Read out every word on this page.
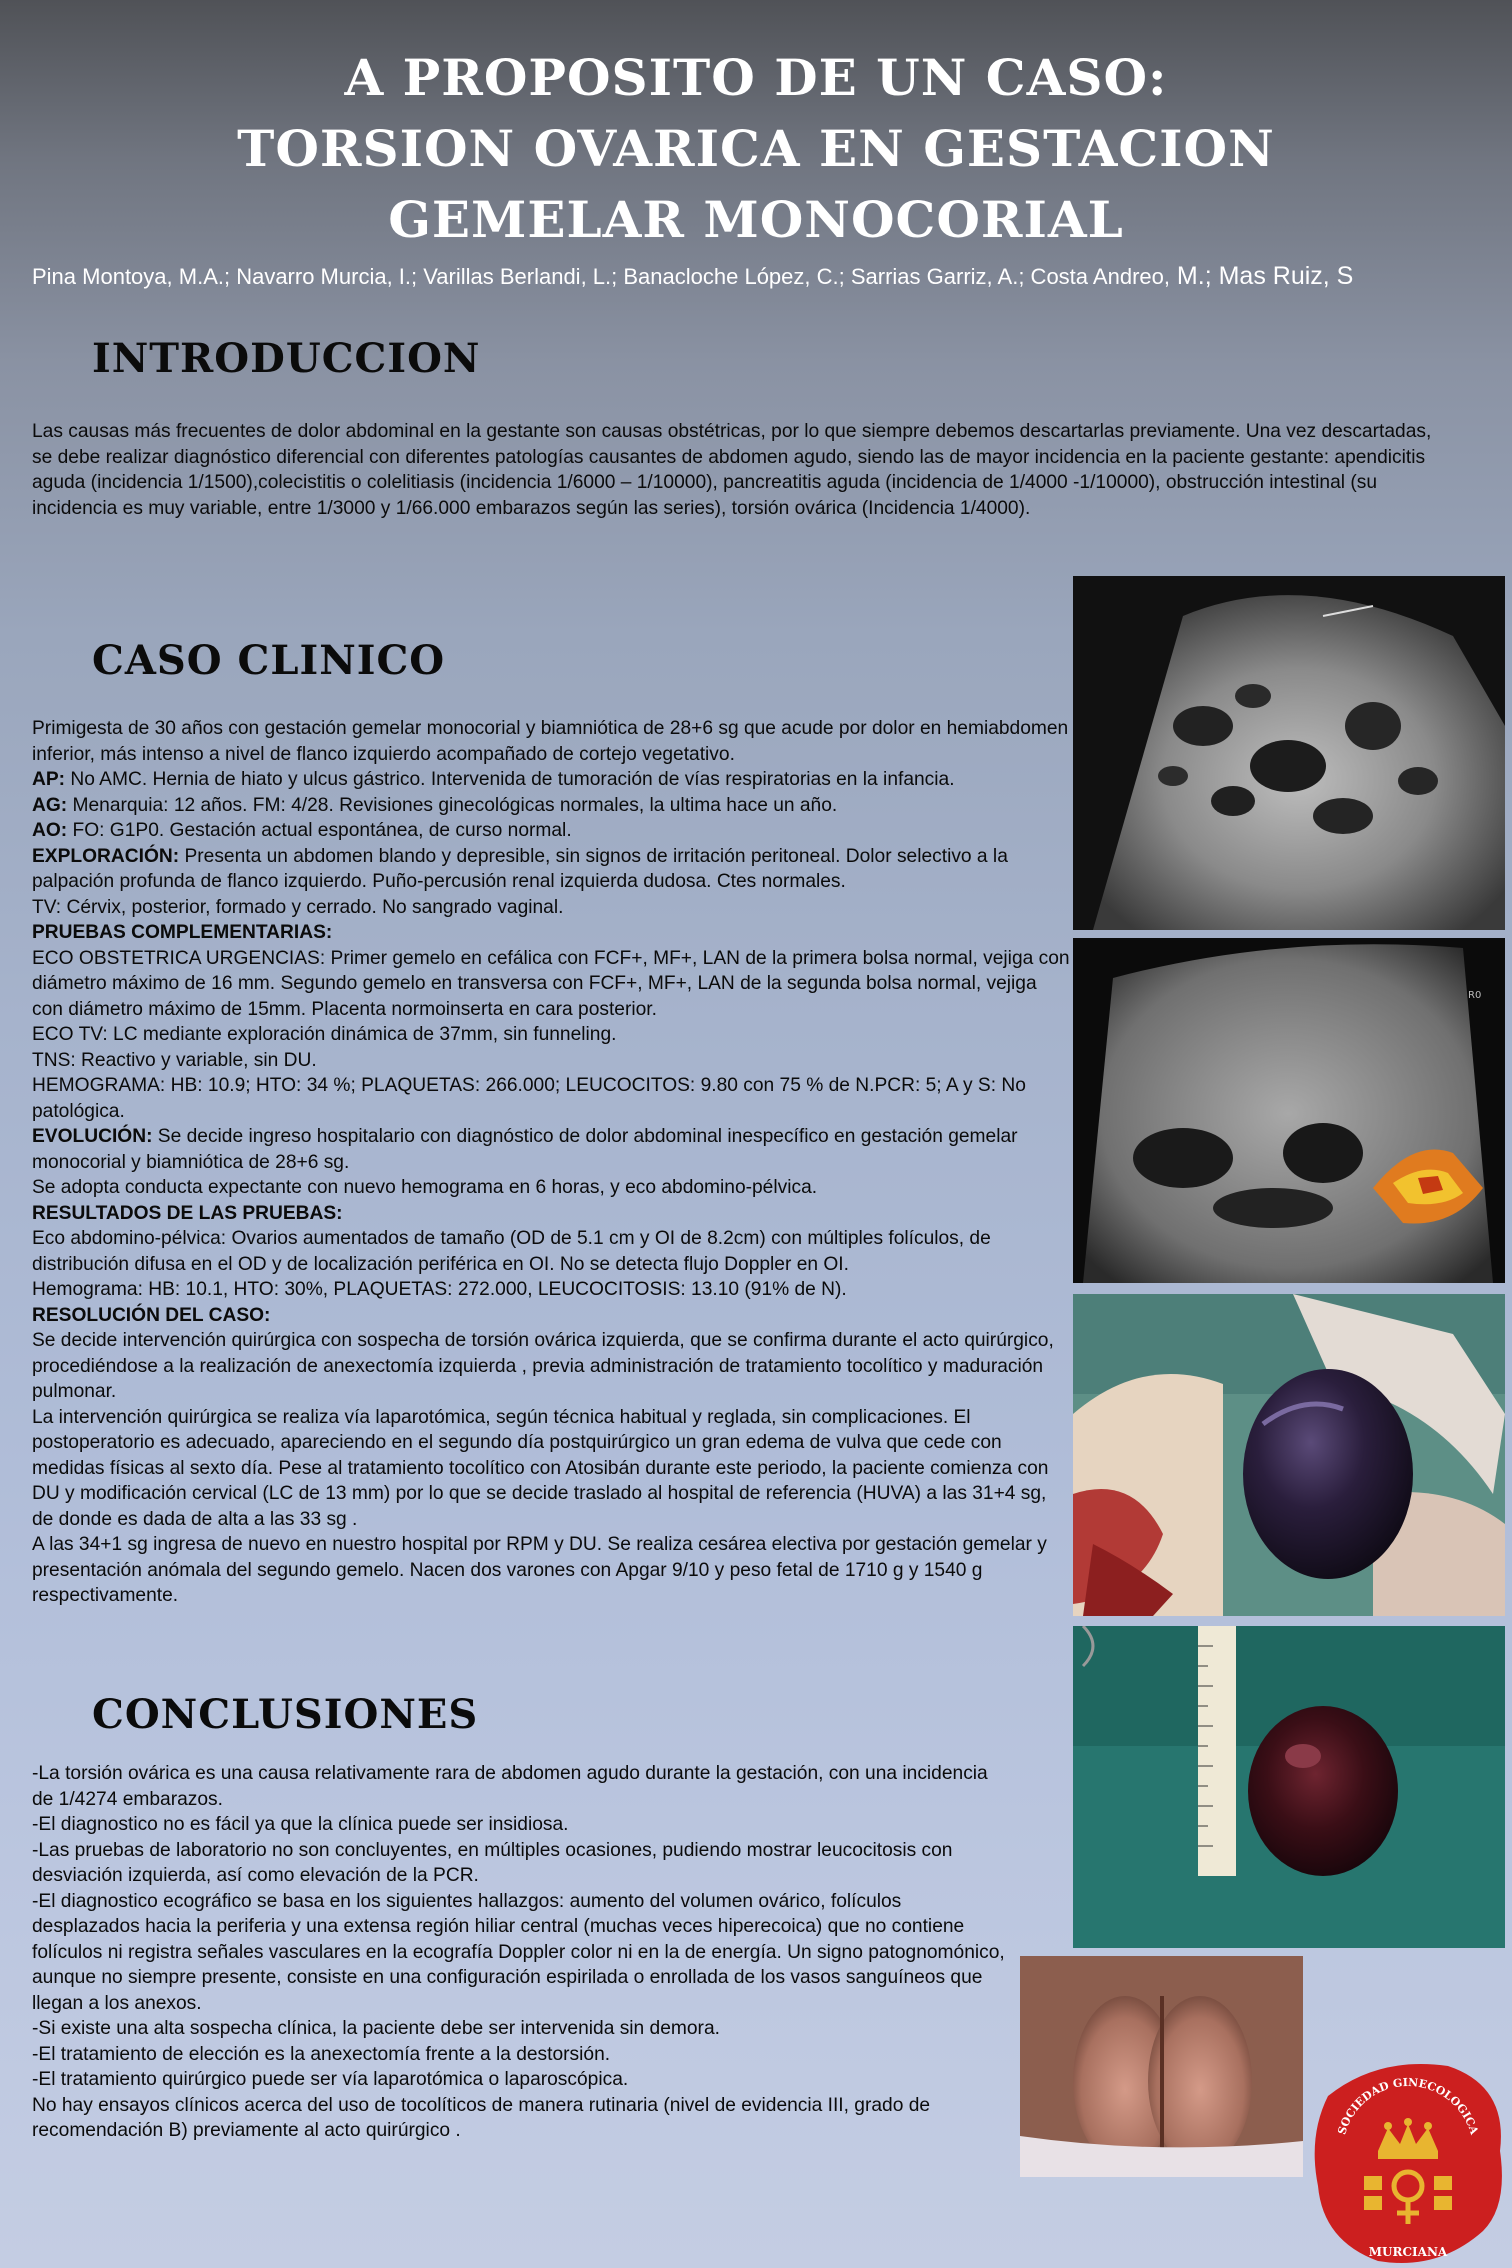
A PROPOSITO DE UN CASO:
TORSION OVARICA EN GESTACION
GEMELAR MONOCORIAL
Pina Montoya, M.A.; Navarro Murcia, I.; Varillas Berlandi, L.; Banacloche López, C.; Sarrias Garriz, A.; Costa Andreo, M.; Mas Ruiz, S
INTRODUCCION

Las causas más frecuentes de dolor abdominal en la gestante son causas obstétricas, por lo que siempre debemos descartarlas previamente. Una vez descartadas, se debe realizar diagnóstico diferencial con diferentes patologías causantes de abdomen agudo, siendo las de mayor incidencia en la paciente gestante: apendicitis aguda (incidencia 1/1500),colecistitis o colelitiasis (incidencia 1/6000 – 1/10000), pancreatitis aguda (incidencia de 1/4000 -1/10000), obstrucción intestinal (su incidencia es muy variable, entre 1/3000 y 1/66.000 embarazos según las series), torsión ovárica (Incidencia 1/4000).

CASO CLINICO

Primigesta de 30 años con gestación gemelar monocorial y biamniótica de 28+6 sg que acude por dolor en hemiabdomen inferior, más intenso a nivel de flanco izquierdo acompañado de cortejo vegetativo.

AP: No AMC. Hernia de hiato y ulcus gástrico. Intervenida de tumoración de vías respiratorias en la infancia.

AG: Menarquia: 12 años. FM: 4/28. Revisiones ginecológicas normales, la ultima hace un año.

AO: FO: G1P0. Gestación actual espontánea, de curso normal.

EXPLORACIÓN: Presenta un abdomen blando y depresible, sin signos de irritación peritoneal. Dolor selectivo a la palpación profunda de flanco izquierdo. Puño-percusión renal izquierda dudosa. Ctes normales.

TV: Cérvix, posterior, formado y cerrado. No sangrado vaginal.

PRUEBAS COMPLEMENTARIAS:

ECO OBSTETRICA URGENCIAS: Primer gemelo en cefálica con FCF+, MF+, LAN de la primera bolsa normal, vejiga con diámetro máximo de 16 mm. Segundo gemelo en transversa con FCF+, MF+, LAN de la segunda bolsa normal, vejiga con diámetro máximo de 15mm. Placenta normoinserta en cara posterior.

ECO TV: LC mediante exploración dinámica de 37mm, sin funneling.

TNS: Reactivo y variable, sin DU.

HEMOGRAMA: HB: 10.9; HTO: 34 %; PLAQUETAS: 266.000; LEUCOCITOS: 9.80 con 75 % de N.PCR: 5; A y S: No patológica.

EVOLUCIÓN: Se decide ingreso hospitalario con diagnóstico de dolor abdominal inespecífico en gestación gemelar monocorial y biamniótica de 28+6 sg.

Se adopta conducta expectante con nuevo hemograma en 6 horas, y eco abdomino-pélvica.

RESULTADOS DE LAS PRUEBAS:

Eco abdomino-pélvica: Ovarios aumentados de tamaño (OD de 5.1 cm y OI de 8.2cm) con múltiples folículos, de distribución difusa en el OD y de localización periférica en OI. No se detecta flujo Doppler en OI.

Hemograma: HB: 10.1, HTO: 30%, PLAQUETAS: 272.000, LEUCOCITOSIS: 13.10 (91% de N).

RESOLUCIÓN DEL CASO:

Se decide intervención quirúrgica con sospecha de torsión ovárica izquierda, que se confirma durante el acto quirúrgico, procediéndose a la realización de anexectomía izquierda , previa administración de tratamiento tocolítico y maduración pulmonar.

La intervención quirúrgica se realiza vía laparotómica, según técnica habitual y reglada, sin complicaciones. El postoperatorio es adecuado, apareciendo en el segundo día postquirúrgico un gran edema de vulva que cede con medidas físicas al sexto día. Pese al tratamiento tocolítico con Atosibán durante este periodo, la paciente comienza con DU y modificación cervical (LC de 13 mm) por lo que se decide traslado al hospital de referencia (HUVA) a las 31+4 sg, de donde es dada de alta a las 33 sg .

A las 34+1 sg ingresa de nuevo en nuestro hospital por RPM y DU. Se realiza cesárea electiva por gestación gemelar y presentación anómala del segundo gemelo. Nacen dos varones con Apgar 9/10 y peso fetal de 1710 g y 1540 g respectivamente.

CONCLUSIONES

-La torsión ovárica es una causa relativamente rara de abdomen agudo durante la gestación, con una incidencia de 1/4274 embarazos.

-El diagnostico no es fácil ya que la clínica puede ser insidiosa.

-Las pruebas de laboratorio no son concluyentes, en múltiples ocasiones, pudiendo mostrar leucocitosis con desviación izquierda, así como elevación de la PCR.

-El diagnostico ecográfico se basa en los siguientes hallazgos: aumento del volumen ovárico, folículos desplazados hacia la periferia y una extensa región hiliar central (muchas veces hiperecoica) que no contiene folículos ni registra señales vasculares en la ecografía Doppler color ni en la de energía. Un signo patognomónico, aunque no siempre presente, consiste en una configuración espirilada o enrollada de los vasos sanguíneos que llegan a los anexos.

-Si existe una alta sospecha clínica, la paciente debe ser intervenida sin demora.

-El tratamiento de elección es la anexectomía frente a la destorsión.

-El tratamiento quirúrgico puede ser vía laparotómica o laparoscópica.

No hay ensayos clínicos acerca del uso de tocolíticos de manera rutinaria (nivel de evidencia III, grado de recomendación B) previamente al acto quirúrgico .

R0
SOCIEDAD GINECOLOGICA
MURCIANA
